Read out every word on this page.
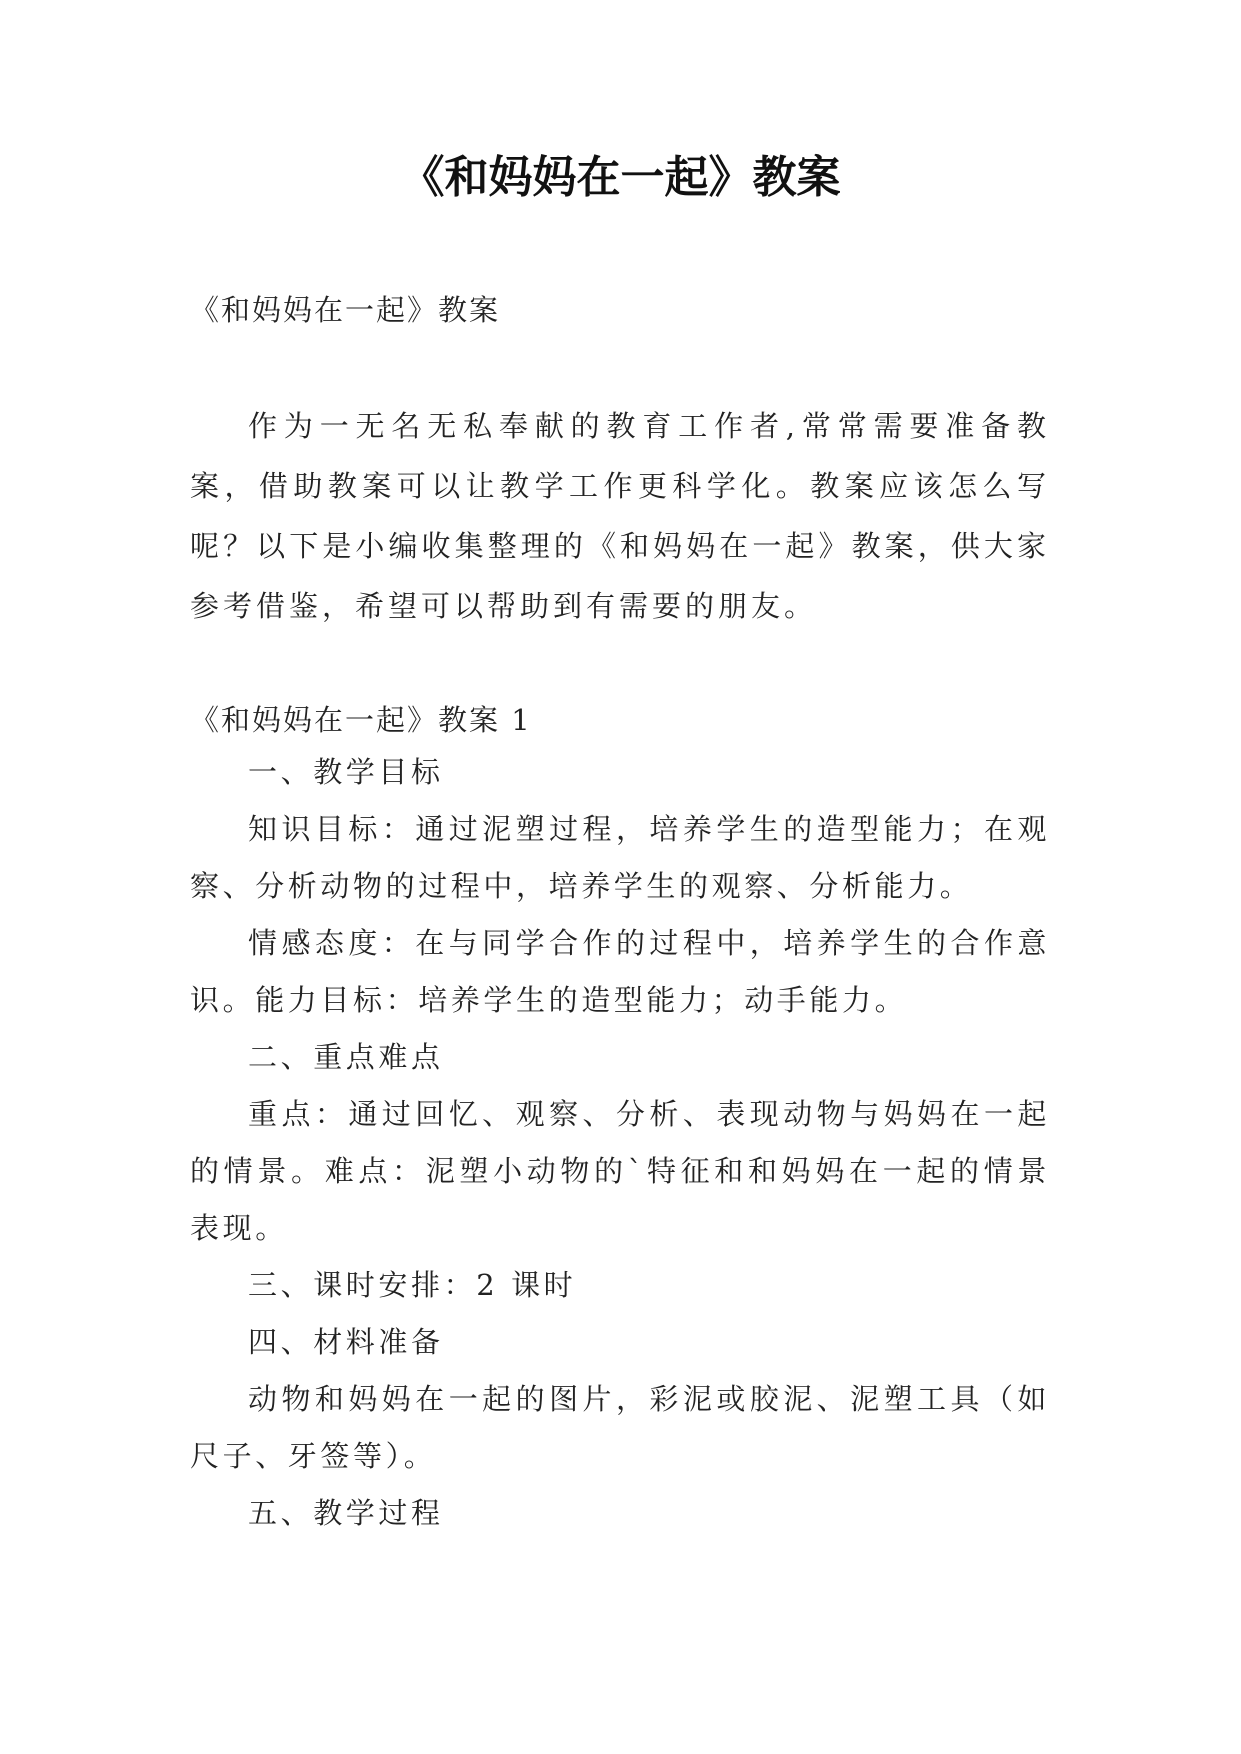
《和妈妈在一起》教案

《和妈妈在一起》教案

作为一无名无私奉献的教育工作者,常常需要准备教案，借助教案可以让教学工作更科学化。教案应该怎么写呢？以下是小编收集整理的《和妈妈在一起》教案，供大家参考借鉴，希望可以帮助到有需要的朋友。

《和妈妈在一起》教案 1

一、教学目标

知识目标：通过泥塑过程，培养学生的造型能力；在观察、分析动物的过程中，培养学生的观察、分析能力。

情感态度：在与同学合作的过程中，培养学生的合作意识。能力目标：培养学生的造型能力；动手能力。

二、重点难点

重点：通过回忆、观察、分析、表现动物与妈妈在一起的情景。难点：泥塑小动物的`特征和和妈妈在一起的情景表现。

三、课时安排：2 课时

四、材料准备

动物和妈妈在一起的图片，彩泥或胶泥、泥塑工具（如尺子、牙签等）。

五、教学过程
